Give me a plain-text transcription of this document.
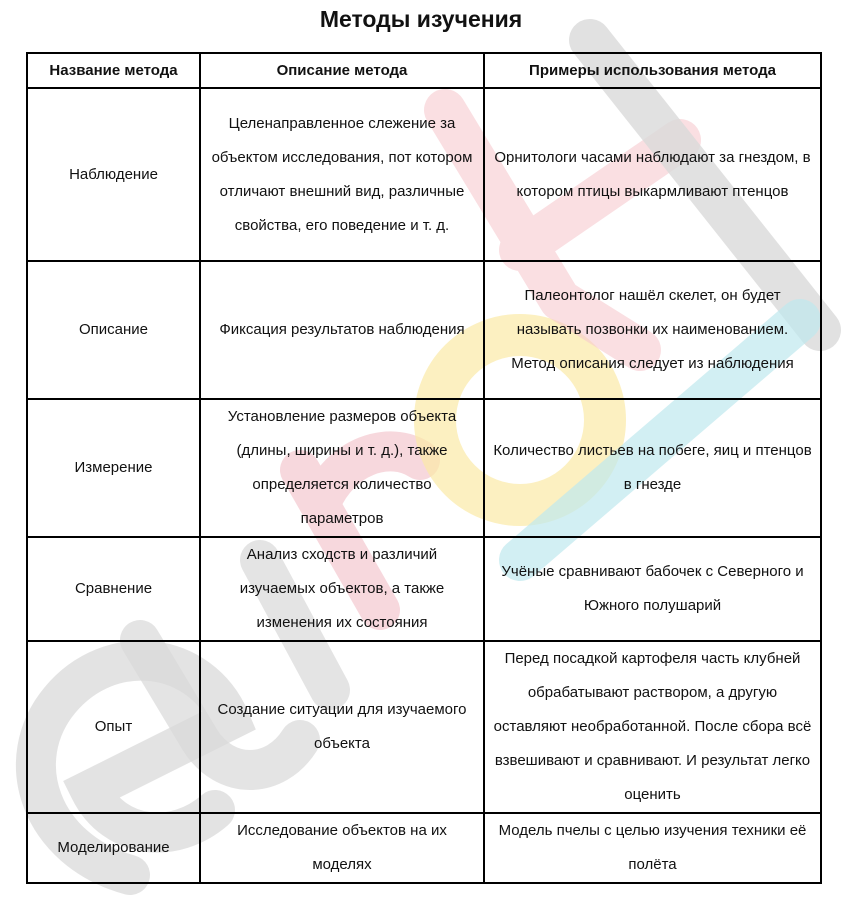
Методы изучения
Название метода	Описание метода	Примеры использования метода
Наблюдение	Целенаправленное слежение за объектом исследования, пот котором отличают внешний вид, различные свойства, его поведение и т. д.	Орнитологи часами наблюдают за гнездом, в котором птицы выкармливают птенцов
Описание	Фиксация результатов наблюдения	Палеонтолог нашёл скелет, он будет называть позвонки их наименованием. Метод описания следует из наблюдения
Измерение	Установление размеров объекта (длины, ширины и т. д.), также определяется количество параметров	Количество листьев на побеге, яиц и птенцов в гнезде
Сравнение	Анализ сходств и различий изучаемых объектов, а также изменения их состояния	Учёные сравнивают бабочек с Северного и Южного полушарий
Опыт	Создание ситуации для изучаемого объекта	Перед посадкой картофеля часть клубней обрабатывают раствором, а другую оставляют необработанной. После сбора всё взвешивают и сравнивают. И результат легко оценить
Моделирование	Исследование объектов на их моделях	Модель пчелы с целью изучения техники её полёта
